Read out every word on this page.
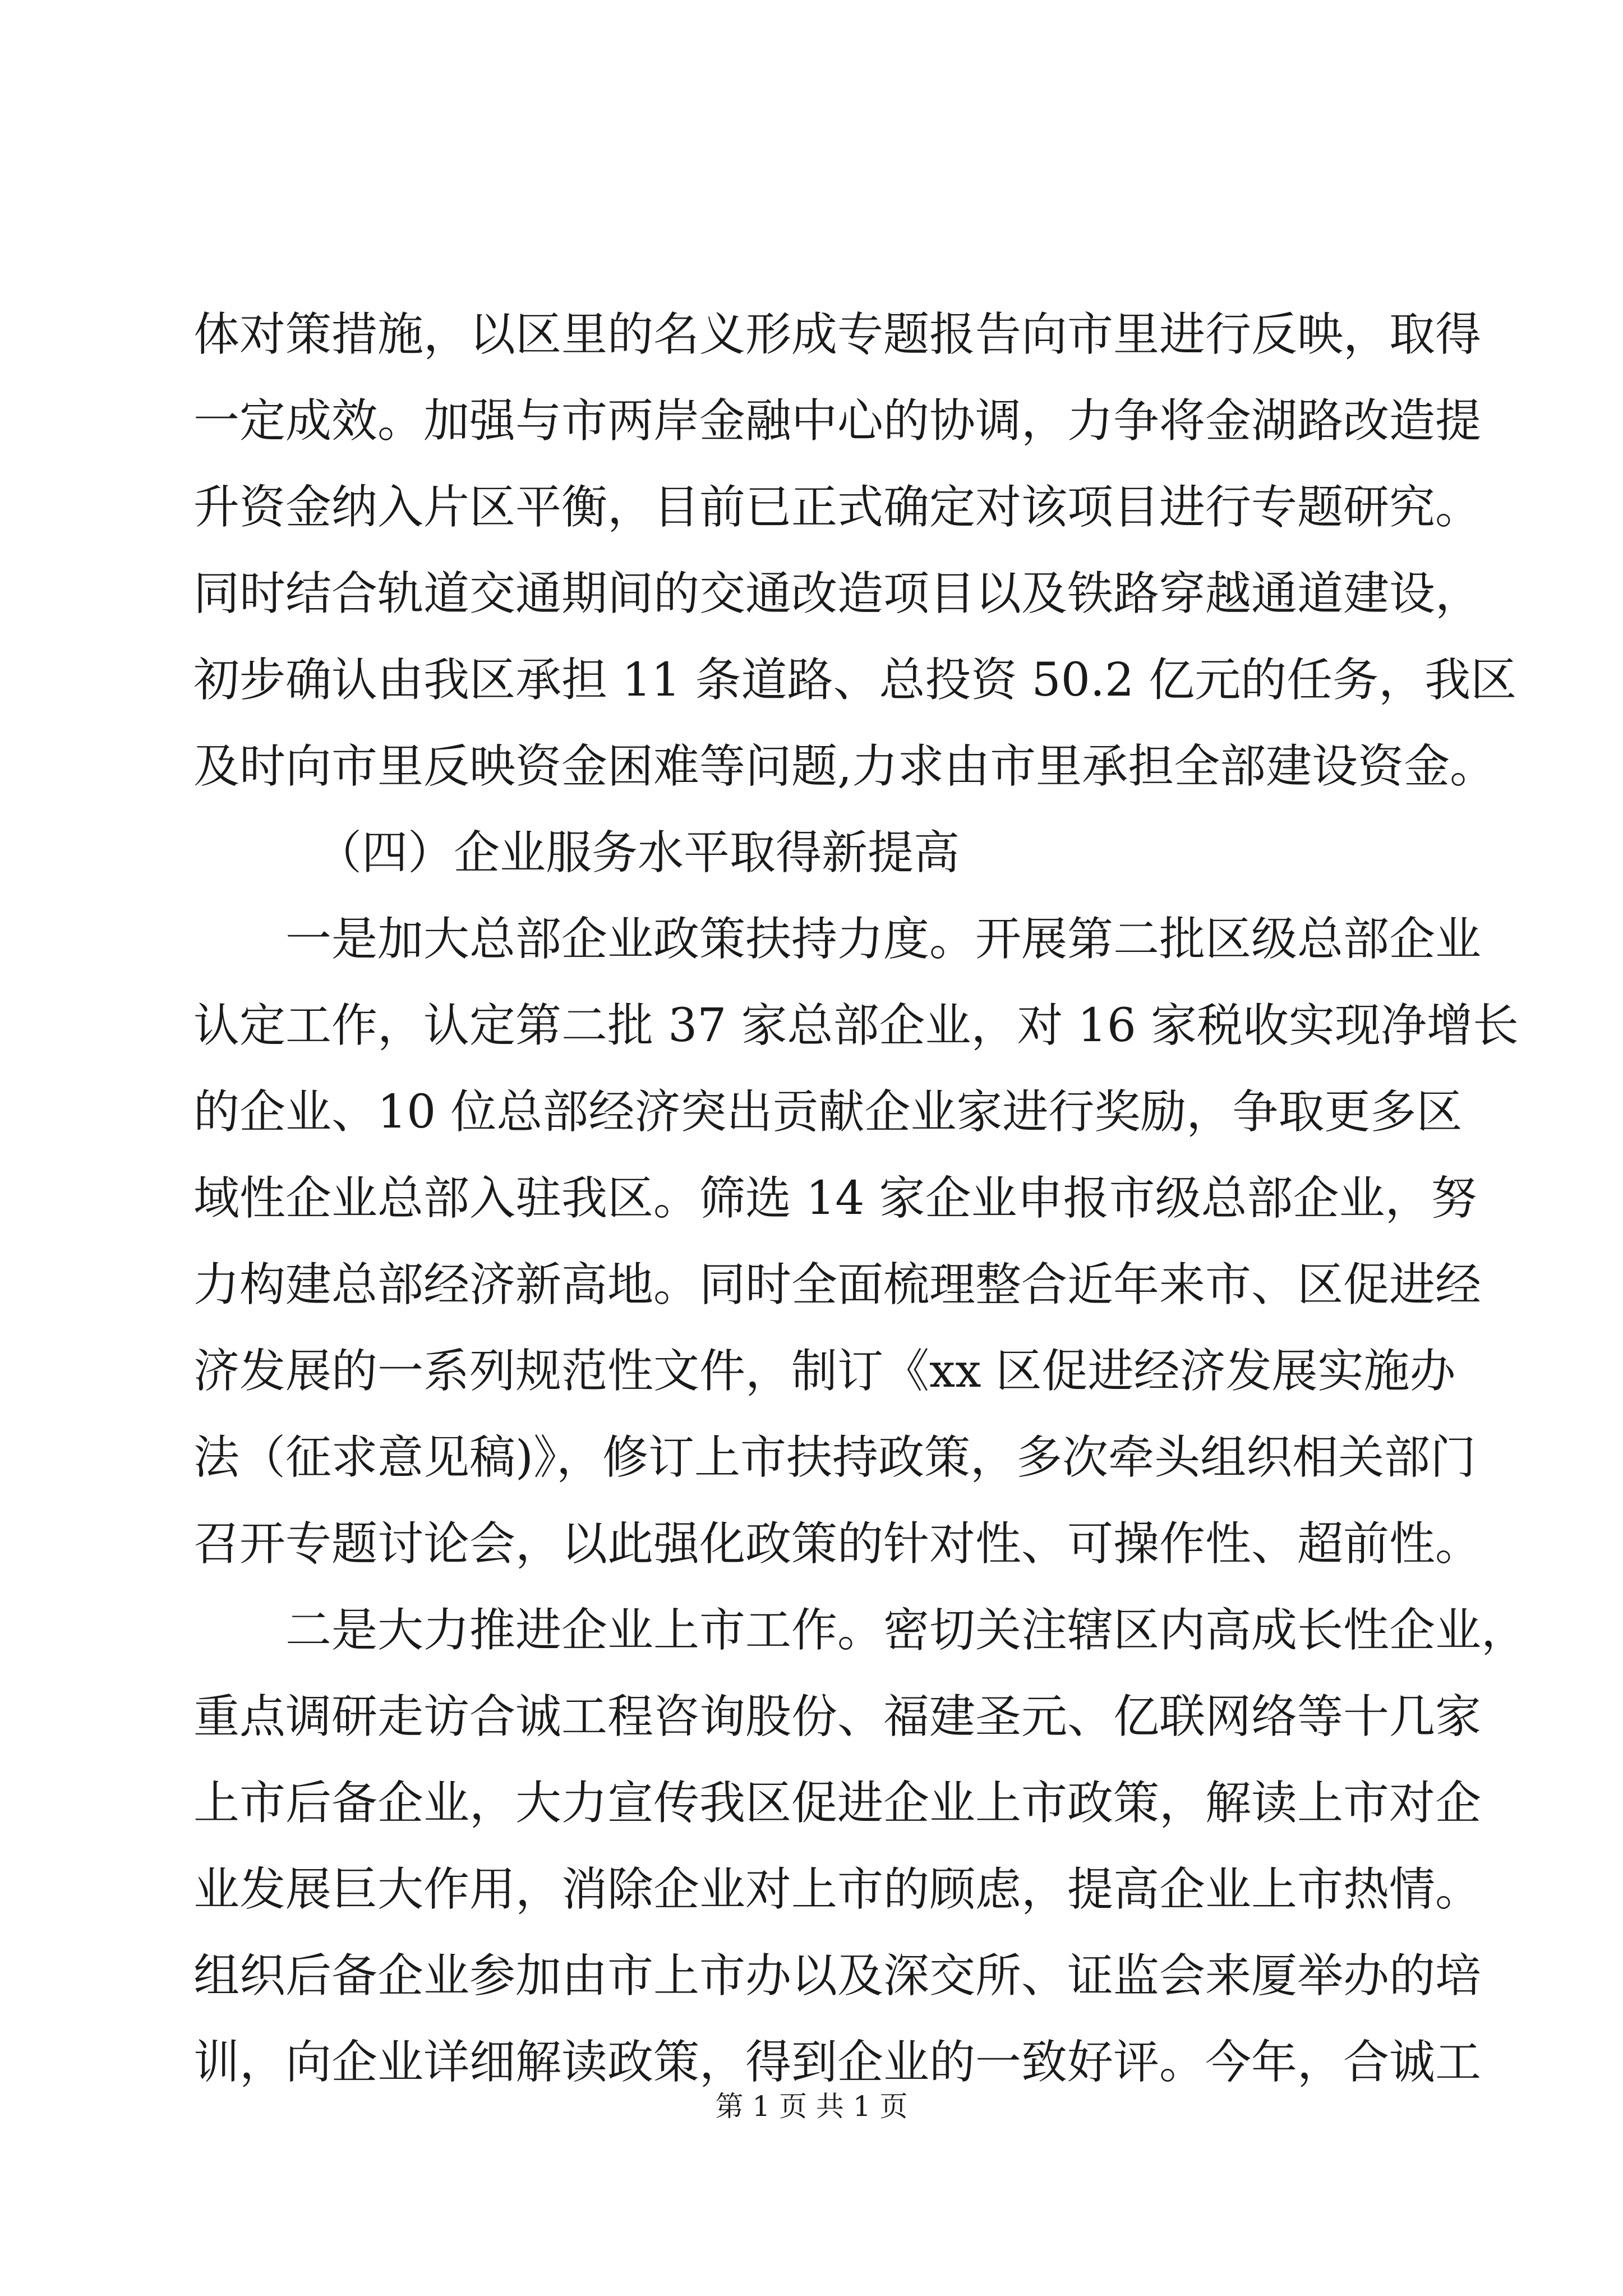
体对策措施，以区里的名义形成专题报告向市里进行反映，取得
一定成效。加强与市两岸金融中心的协调，力争将金湖路改造提
升资金纳入片区平衡，目前已正式确定对该项目进行专题研究。
同时结合轨道交通期间的交通改造项目以及铁路穿越通道建设，
初步确认由我区承担 11 条道路、总投资 50.2 亿元的任务，我区
及时向市里反映资金困难等问题,力求由市里承担全部建设资金。
（四）企业服务水平取得新提高
一是加大总部企业政策扶持力度。开展第二批区级总部企业
认定工作，认定第二批 37 家总部企业，对 16 家税收实现净增长
的企业、10 位总部经济突出贡献企业家进行奖励，争取更多区
域性企业总部入驻我区。筛选 14 家企业申报市级总部企业，努
力构建总部经济新高地。同时全面梳理整合近年来市、区促进经
济发展的一系列规范性文件，制订《xx 区促进经济发展实施办
法（征求意见稿)》，修订上市扶持政策，多次牵头组织相关部门
召开专题讨论会，以此强化政策的针对性、可操作性、超前性。
二是大力推进企业上市工作。密切关注辖区内高成长性企业，
重点调研走访合诚工程咨询股份、福建圣元、亿联网络等十几家
上市后备企业，大力宣传我区促进企业上市政策，解读上市对企
业发展巨大作用，消除企业对上市的顾虑，提高企业上市热情。
组织后备企业参加由市上市办以及深交所、证监会来厦举办的培
训，向企业详细解读政策，得到企业的一致好评。今年，合诚工
第 1 页 共 1 页
